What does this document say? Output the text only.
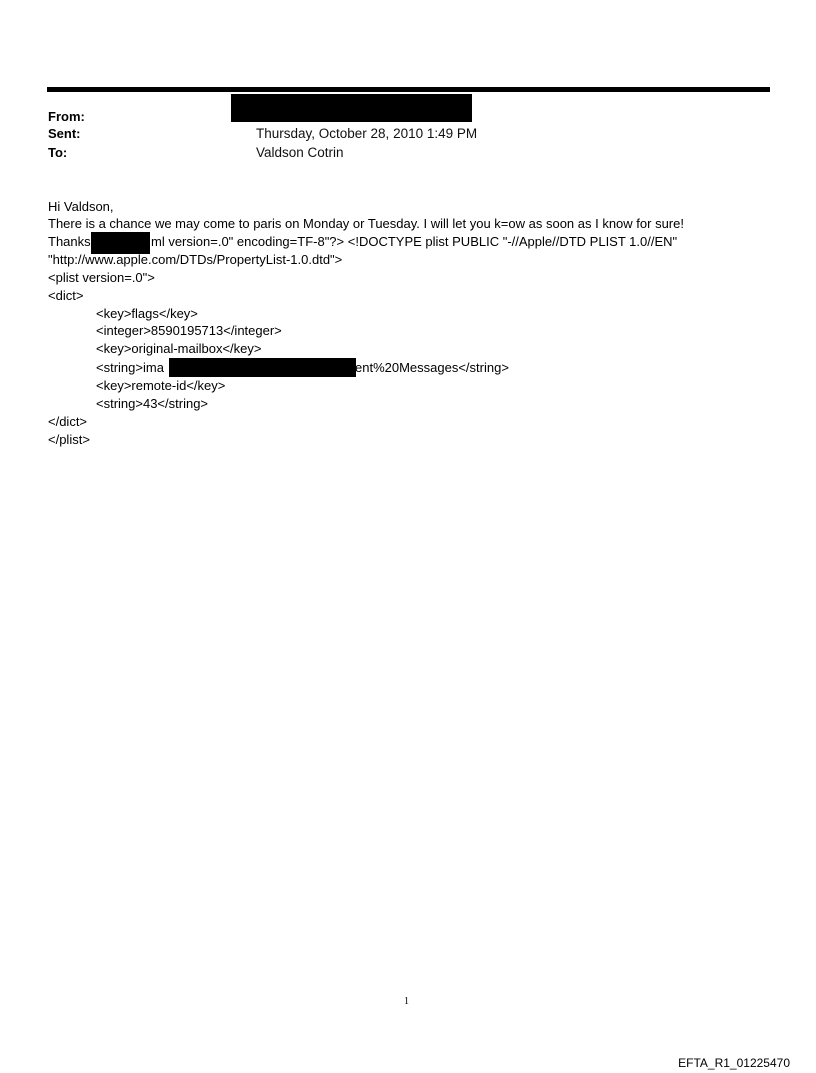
From:
Sent:	Thursday, October 28, 2010 1:49 PM
To:	Valdson Cotrin
Hi Valdson,
There is a chance we may come to paris on Monday or Tuesday. I will let you k=ow as soon as I know for sure!
Thanks	ml version=.0" encoding=TF-8"?> <!DOCTYPE plist PUBLIC "-//Apple//DTD PLIST 1.0//EN"
"http://www.apple.com/DTDs/PropertyList-1.0.dtd">
<plist version=.0">
<dict>
<key>flags</key>
<integer>8590195713</integer>
<key>original-mailbox</key>
<string>ima	ent%20Messages</string>
<key>remote-id</key>
<string>43</string>
</dict>
</plist>
1
EFTA_R1_01225470
